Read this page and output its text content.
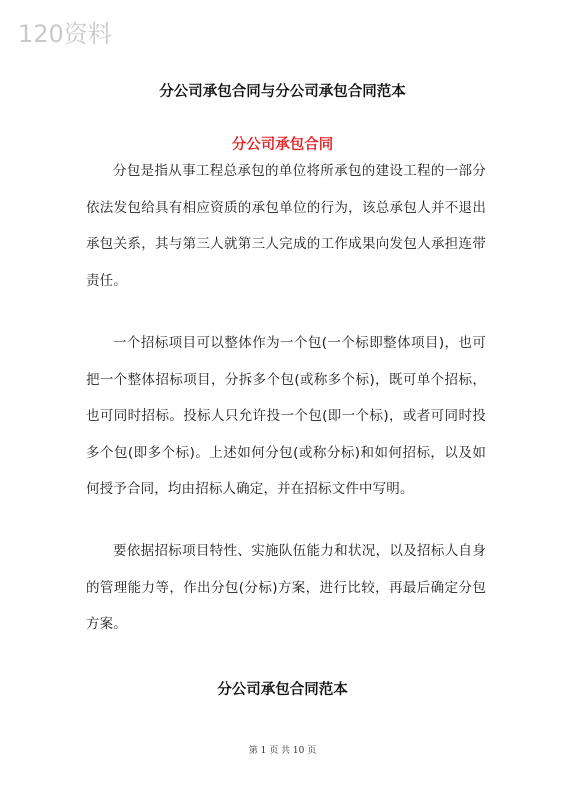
120资料
分公司承包合同与分公司承包合同范本
分公司承包合同

分包是指从事工程总承包的单位将所承包的建设工程的一部分依法发包给具有相应资质的承包单位的行为，该总承包人并不退出承包关系，其与第三人就第三人完成的工作成果向发包人承担连带责任。

一个招标项目可以整体作为一个包(一个标即整体项目)，也可把一个整体招标项目，分拆多个包(或称多个标)，既可单个招标，也可同时招标。投标人只允许投一个包(即一个标)，或者可同时投多个包(即多个标)。上述如何分包(或称分标)和如何招标，以及如何授予合同，均由招标人确定，并在招标文件中写明。

要依据招标项目特性、实施队伍能力和状况，以及招标人自身的管理能力等，作出分包(分标)方案，进行比较，再最后确定分包方案。

分公司承包合同范本
第 1 页 共 10 页
